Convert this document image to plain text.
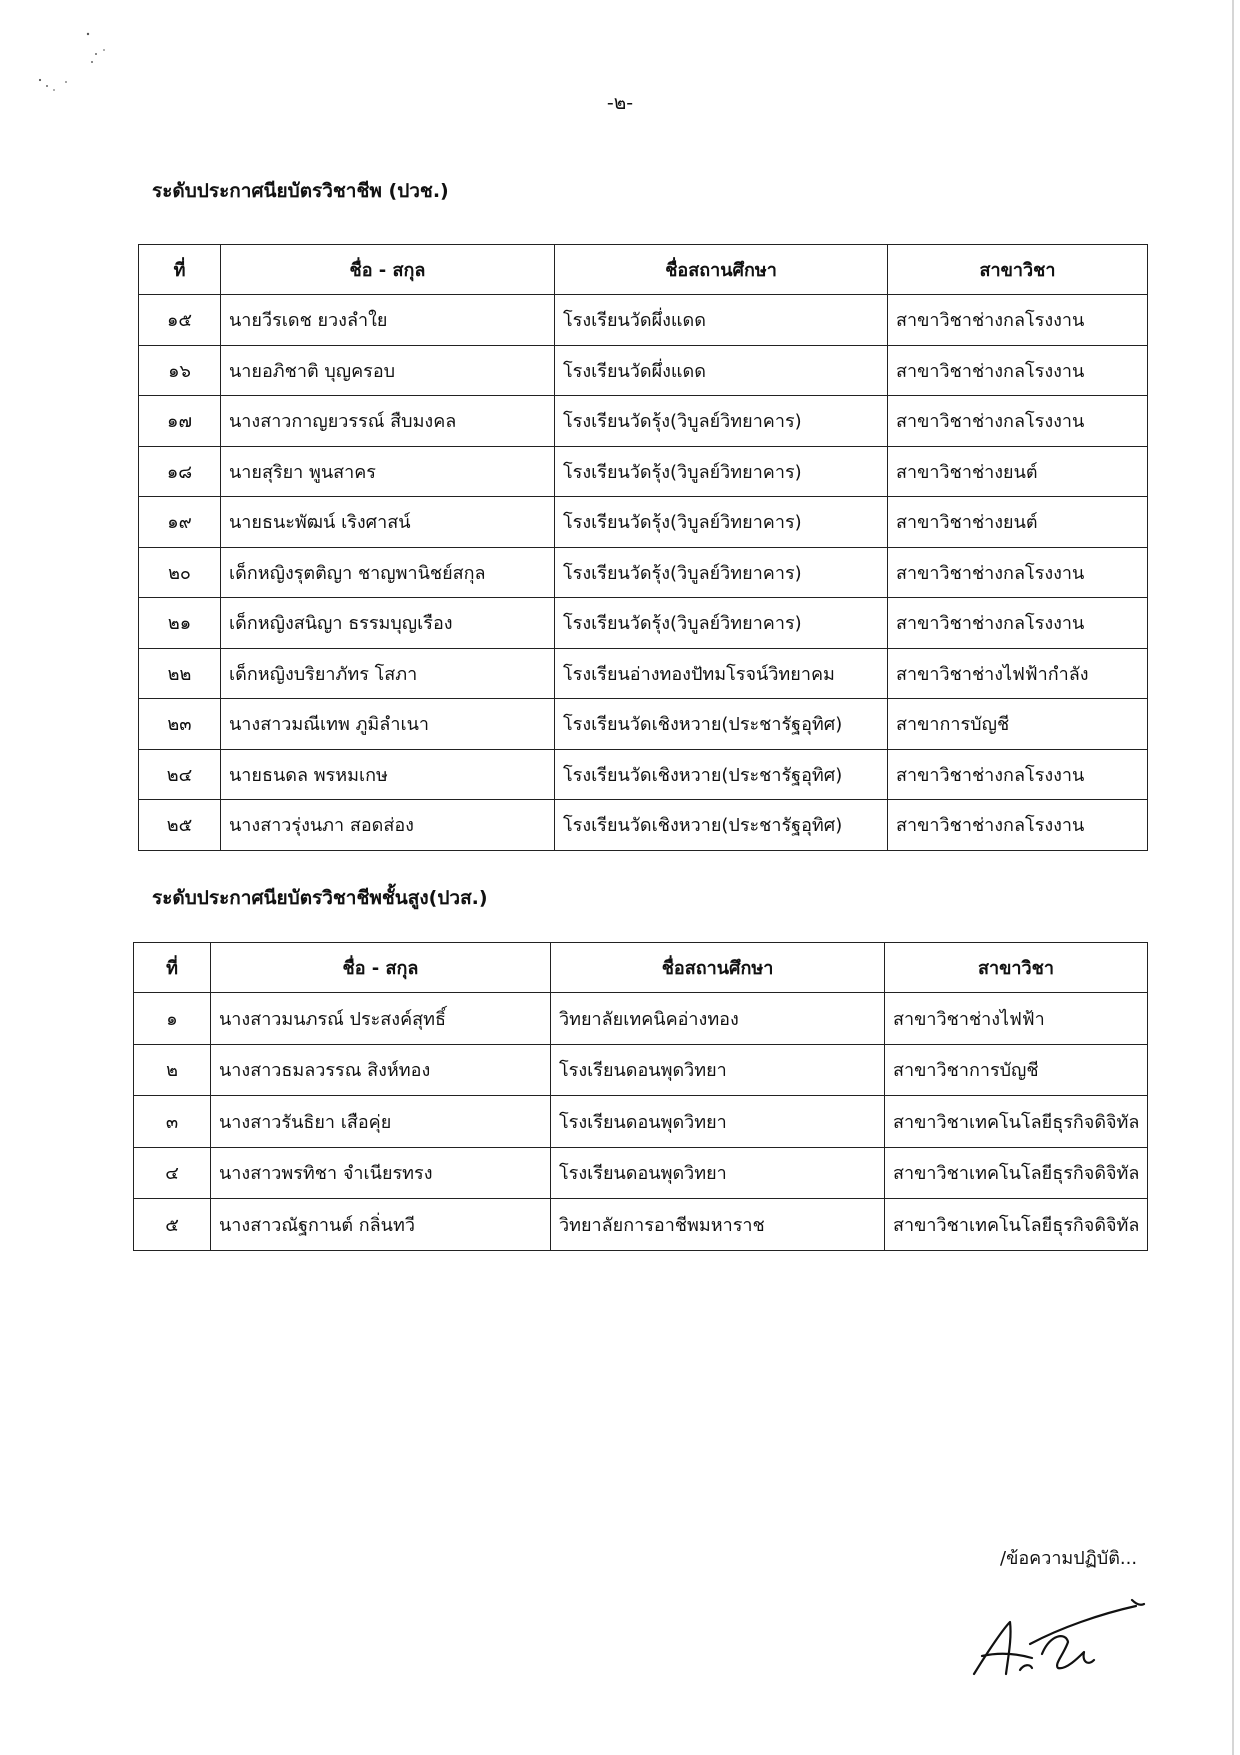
-๒-
ระดับประกาศนียบัตรวิชาชีพ (ปวช.)
ที่	ชื่อ - สกุล	ชื่อสถานศึกษา	สาขาวิชา
๑๕	นายวีรเดช ยวงลำใย	โรงเรียนวัดผึ่งแดด	สาขาวิชาช่างกลโรงงาน
๑๖	นายอภิชาติ บุญครอบ	โรงเรียนวัดผึ่งแดด	สาขาวิชาช่างกลโรงงาน
๑๗	นางสาวกาญยวรรณ์ สืบมงคล	โรงเรียนวัดรุ้ง(วิบูลย์วิทยาคาร)	สาขาวิชาช่างกลโรงงาน
๑๘	นายสุริยา พูนสาคร	โรงเรียนวัดรุ้ง(วิบูลย์วิทยาคาร)	สาขาวิชาช่างยนต์
๑๙	นายธนะพัฒน์ เริงศาสน์	โรงเรียนวัดรุ้ง(วิบูลย์วิทยาคาร)	สาขาวิชาช่างยนต์
๒๐	เด็กหญิงรุตติญา ชาญพานิชย์สกุล	โรงเรียนวัดรุ้ง(วิบูลย์วิทยาคาร)	สาขาวิชาช่างกลโรงงาน
๒๑	เด็กหญิงสนิญา ธรรมบุญเรือง	โรงเรียนวัดรุ้ง(วิบูลย์วิทยาคาร)	สาขาวิชาช่างกลโรงงาน
๒๒	เด็กหญิงบริยาภัทร โสภา	โรงเรียนอ่างทองปัทมโรจน์วิทยาคม	สาขาวิชาช่างไฟฟ้ากำลัง
๒๓	นางสาวมณีเทพ ภูมิลำเนา	โรงเรียนวัดเชิงหวาย(ประชารัฐอุทิศ)	สาขาการบัญชี
๒๔	นายธนดล พรหมเกษ	โรงเรียนวัดเชิงหวาย(ประชารัฐอุทิศ)	สาขาวิชาช่างกลโรงงาน
๒๕	นางสาวรุ่งนภา สอดส่อง	โรงเรียนวัดเชิงหวาย(ประชารัฐอุทิศ)	สาขาวิชาช่างกลโรงงาน
ระดับประกาศนียบัตรวิชาชีพชั้นสูง(ปวส.)
ที่	ชื่อ - สกุล	ชื่อสถานศึกษา	สาขาวิชา
๑	นางสาวมนภรณ์ ประสงค์สุทธิ์	วิทยาลัยเทคนิคอ่างทอง	สาขาวิชาช่างไฟฟ้า
๒	นางสาวธมลวรรณ สิงห์ทอง	โรงเรียนดอนพุดวิทยา	สาขาวิชาการบัญชี
๓	นางสาวรันธิยา เสือคุ่ย	โรงเรียนดอนพุดวิทยา	สาขาวิชาเทคโนโลยีธุรกิจดิจิทัล
๔	นางสาวพรทิชา จำเนียรทรง	โรงเรียนดอนพุดวิทยา	สาขาวิชาเทคโนโลยีธุรกิจดิจิทัล
๕	นางสาวณัฐกานต์ กลิ่นทวี	วิทยาลัยการอาชีพมหาราช	สาขาวิชาเทคโนโลยีธุรกิจดิจิทัล
/ข้อความปฏิบัติ...
